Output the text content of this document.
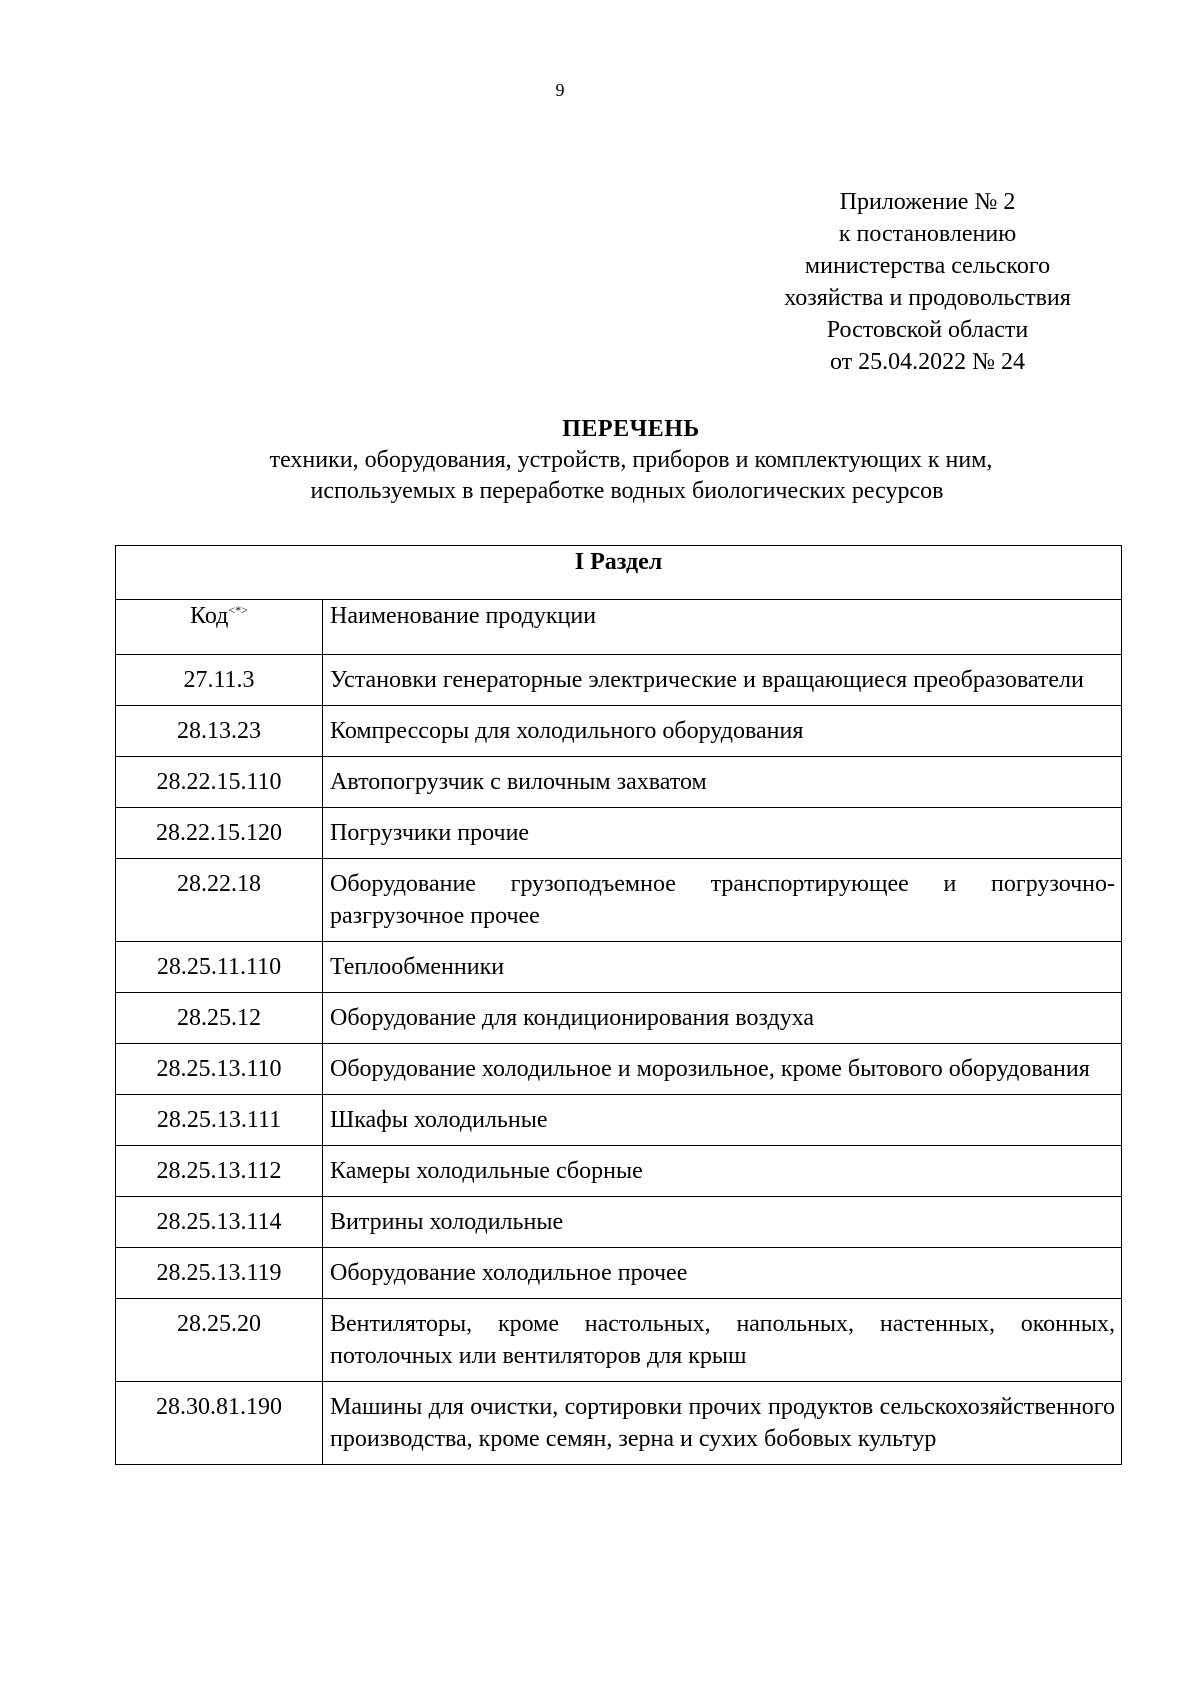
9
Приложение № 2
к постановлению
министерства сельского
хозяйства и продовольствия
Ростовской области
от 25.04.2022 № 24
ПЕРЕЧЕНЬ
техники, оборудования, устройств, приборов и комплектующих к ним,
используемых в переработке водных биологических ресурсов
I Раздел	
Код<*>	Наименование продукции
27.11.3	Установки генераторные электрические и вращающиеся преобразователи
28.13.23	Компрессоры для холодильного оборудования
28.22.15.110	Автопогрузчик с вилочным захватом
28.22.15.120	Погрузчики прочие
28.22.18	Оборудование грузоподъемное транспортирующее и погрузочно-разгрузочное прочее
28.25.11.110	Теплообменники
28.25.12	Оборудование для кондиционирования воздуха
28.25.13.110	Оборудование холодильное и морозильное, кроме бытового оборудования
28.25.13.111	Шкафы холодильные
28.25.13.112	Камеры холодильные сборные
28.25.13.114	Витрины холодильные
28.25.13.119	Оборудование холодильное прочее
28.25.20	Вентиляторы, кроме настольных, напольных, настенных, оконных, потолочных или вентиляторов для крыш
28.30.81.190	Машины для очистки, сортировки прочих продуктов сельскохозяйственного производства, кроме семян, зерна и сухих бобовых культур
